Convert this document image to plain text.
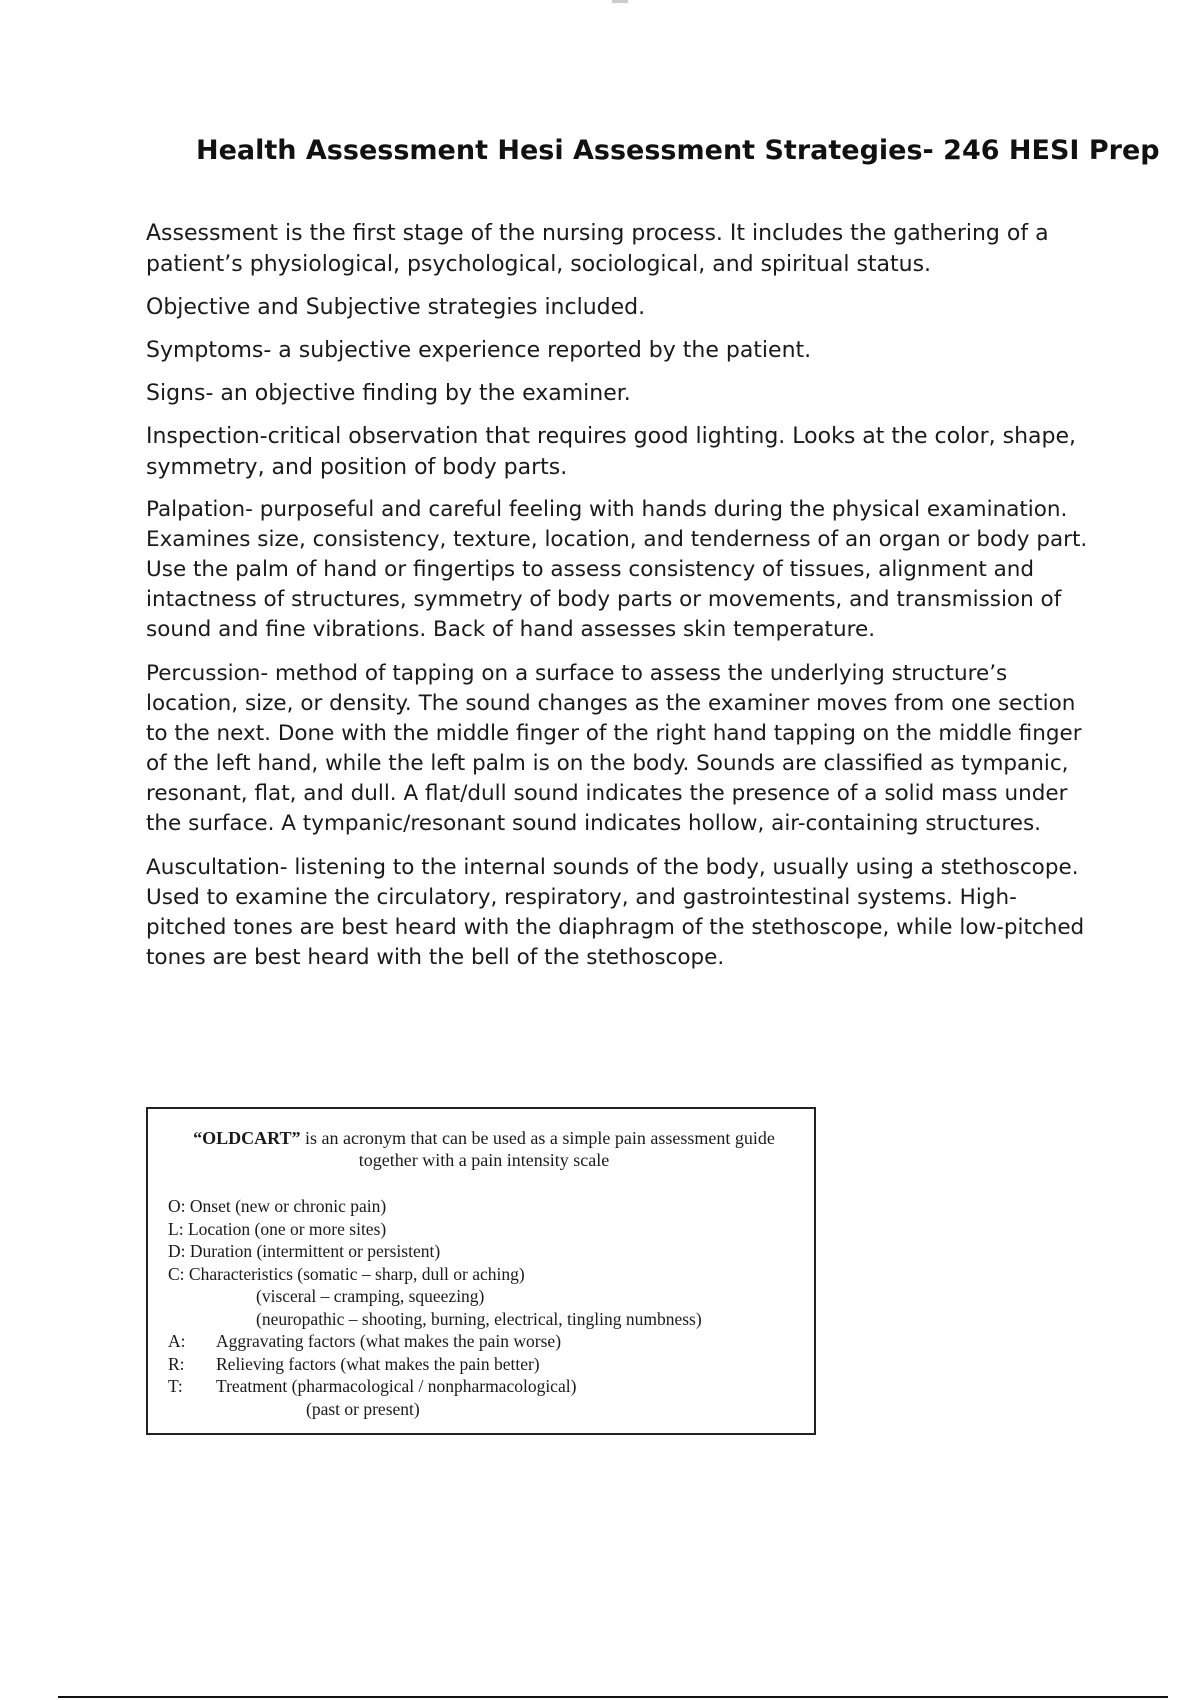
Health Assessment Hesi Assessment Strategies- 246 HESI Prep

Assessment is the first stage of the nursing process. It includes the gathering of a patient’s physiological, psychological, sociological, and spiritual status.

Objective and Subjective strategies included.

Symptoms- a subjective experience reported by the patient.

Signs- an objective finding by the examiner.

Inspection-critical observation that requires good lighting. Looks at the color, shape, symmetry, and position of body parts.

Palpation- purposeful and careful feeling with hands during the physical examination. Examines size, consistency, texture, location, and tenderness of an organ or body part. Use the palm of hand or fingertips to assess consistency of tissues, alignment and intactness of structures, symmetry of body parts or movements, and transmission of sound and fine vibrations. Back of hand assesses skin temperature.

Percussion- method of tapping on a surface to assess the underlying structure’s location, size, or density. The sound changes as the examiner moves from one section to the next. Done with the middle finger of the right hand tapping on the middle finger of the left hand, while the left palm is on the body. Sounds are classified as tympanic, resonant, flat, and dull. A flat/dull sound indicates the presence of a solid mass under the surface. A tympanic/resonant sound indicates hollow, air-containing structures.

Auscultation- listening to the internal sounds of the body, usually using a stethoscope. Used to examine the circulatory, respiratory, and gastrointestinal systems. High-pitched tones are best heard with the diaphragm of the stethoscope, while low-pitched tones are best heard with the bell of the stethoscope.

“OLDCART” is an acronym that can be used as a simple pain assessment guide
together with a pain intensity scale
O:
Onset (new or chronic pain)
L:
Location (one or more sites)
D:
Duration (intermittent or persistent)
C:
Characteristics (somatic – sharp, dull or aching)
(visceral – cramping, squeezing)
(neuropathic – shooting, burning, electrical, tingling numbness)
A:	Aggravating factors (what makes the pain worse)
R:	Relieving factors (what makes the pain better)
T:	Treatment (pharmacological / nonpharmacological)
(past or present)
